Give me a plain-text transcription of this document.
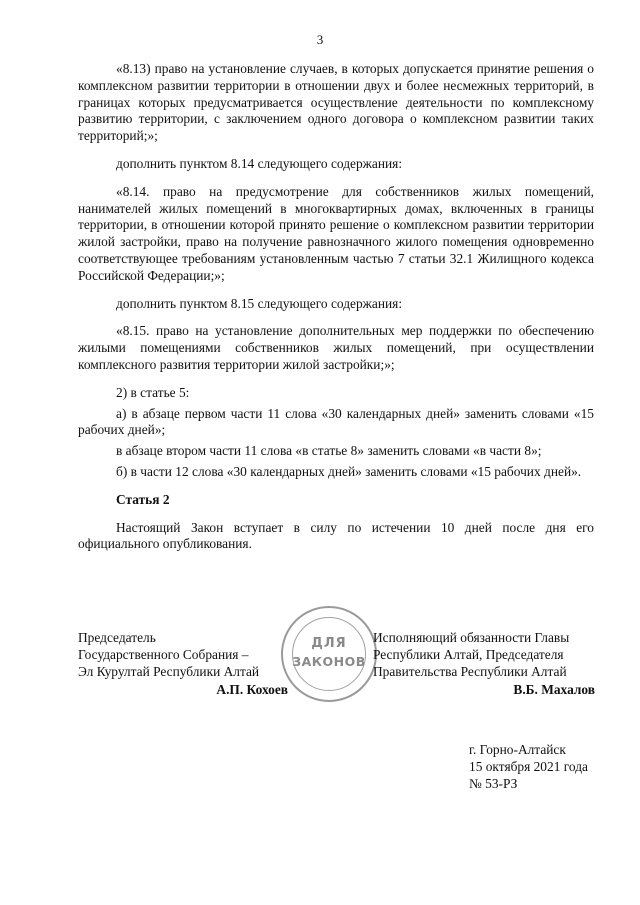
3

«8.13) право на установление случаев, в которых допускается принятие решения о комплексном развитии территории в отношении двух и более несмежных территорий, в границах которых предусматривается осуществление деятельности по комплексному развитию территории, с заключением одного договора о комплексном развитии таких территорий;»;

дополнить пунктом 8.14 следующего содержания:

«8.14. право на предусмотрение для собственников жилых помещений, нанимателей жилых помещений в многоквартирных домах, включенных в границы территории, в отношении которой принято решение о комплексном развитии территории жилой застройки, право на получение равнозначного жилого помещения одновременно соответствующее требованиям установленным частью 7 статьи 32.1 Жилищного кодекса Российской Федерации;»;

дополнить пунктом 8.15 следующего содержания:

«8.15. право на установление дополнительных мер поддержки по обеспечению жилыми помещениями собственников жилых помещений, при осуществлении комплексного развития территории жилой застройки;»;

2) в статье 5:

а) в абзаце первом части 11 слова «30 календарных дней» заменить словами «15 рабочих дней»;

в абзаце втором части 11 слова «в статье 8» заменить словами «в части 8»;

б) в части 12 слова «30 календарных дней» заменить словами «15 рабочих дней».

Статья 2

Настоящий Закон вступает в силу по истечении 10 дней после дня его официального опубликования.

Председатель
Государственного Собрания –
Эл Курултай Республики Алтай
А.П. Кохоев
ДЛЯ
ЗАКОНОВ
Исполняющий обязанности Главы
Республики Алтай, Председателя
Правительства Республики Алтай
В.Б. Махалов
г. Горно-Алтайск
15 октября 2021 года
№ 53-РЗ
